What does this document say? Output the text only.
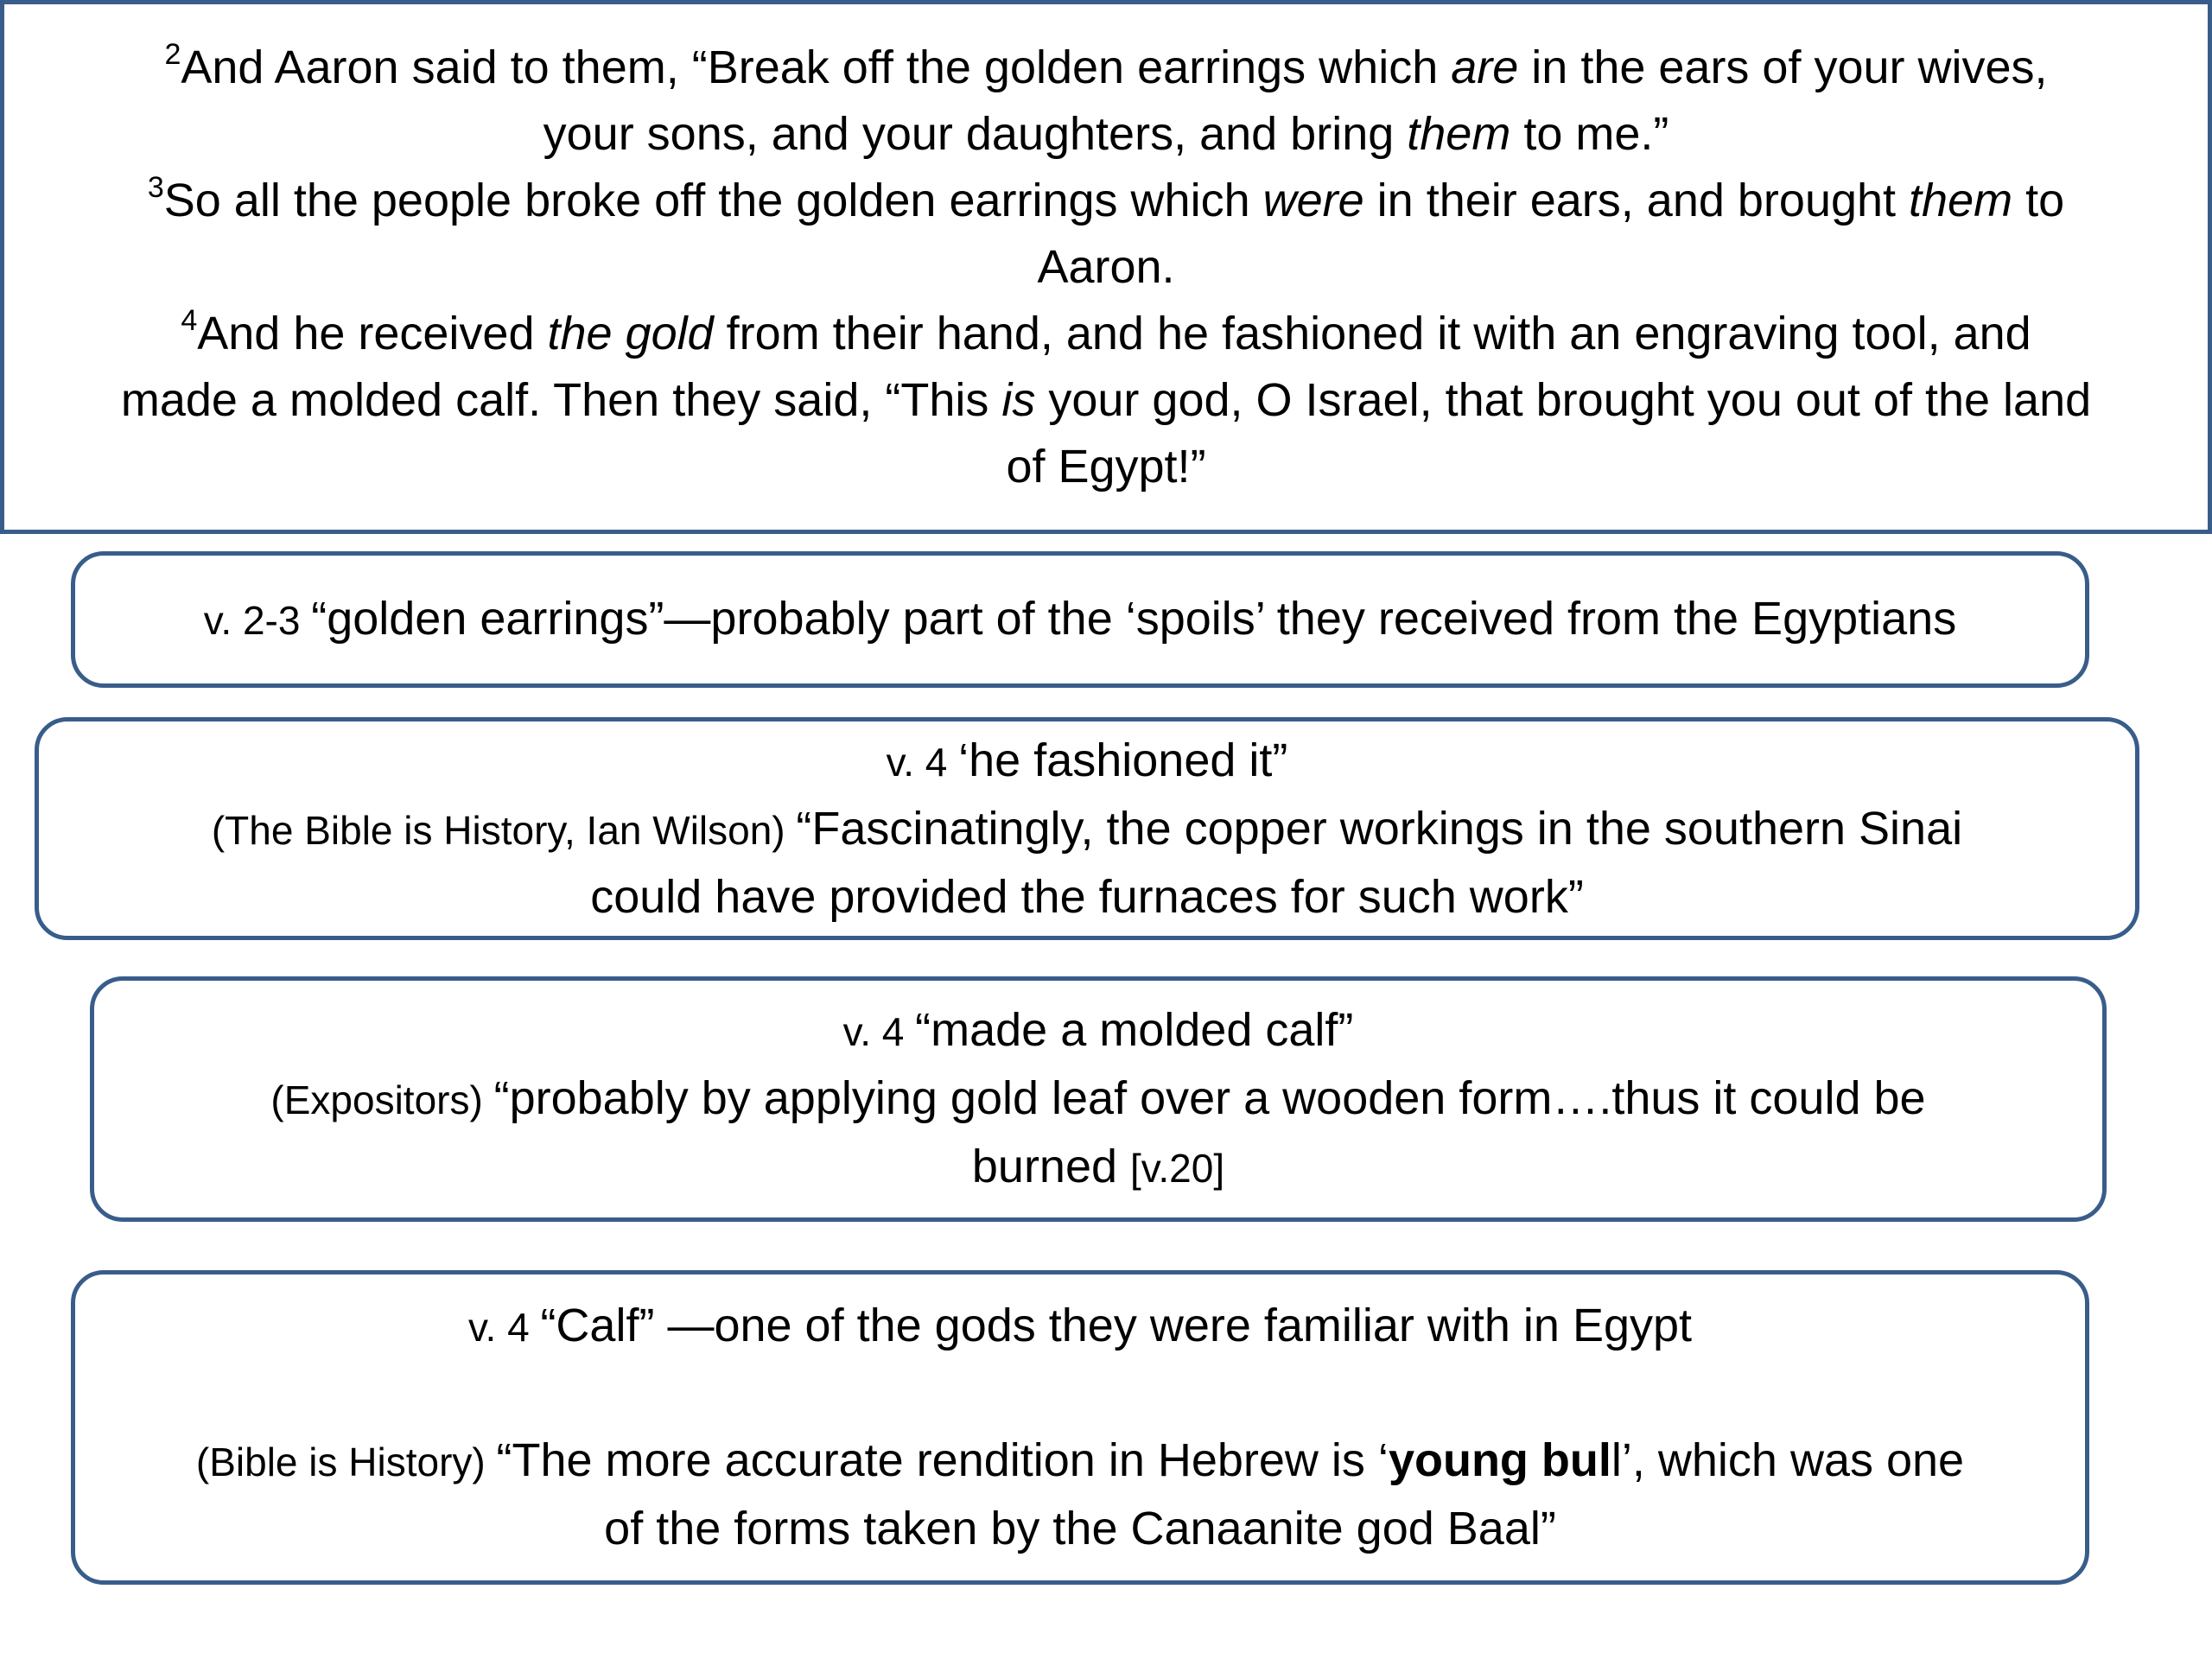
$^2$And Aaron said to them, “Break off the golden earrings which are in the ears of your wives,

your sons, and your daughters, and bring them to me.”

$^3$So all the people broke off the golden earrings which were in their ears, and brought them to

Aaron.

$^4$And he received the gold from their hand, and he fashioned it with an engraving tool, and

made a molded calf. Then they said, “This is your god, O Israel, that brought you out of the land

of Egypt!”

v. 2-3 “golden earrings”—probably part of the ‘spoils’ they received from the Egyptians

v. 4 ‘he fashioned it”

(The Bible is History, Ian Wilson) “Fascinatingly, the copper workings in the southern Sinai

could have provided the furnaces for such work”

v. 4 “made a molded calf”

(Expositors) “probably by applying gold leaf over a wooden form….thus it could be

burned [v.20]

v. 4 “Calf” —one of the gods they were familiar with in Egypt

(Bible is History) “The more accurate rendition in Hebrew is ‘young bull’, which was one

of the forms taken by the Canaanite god Baal”
